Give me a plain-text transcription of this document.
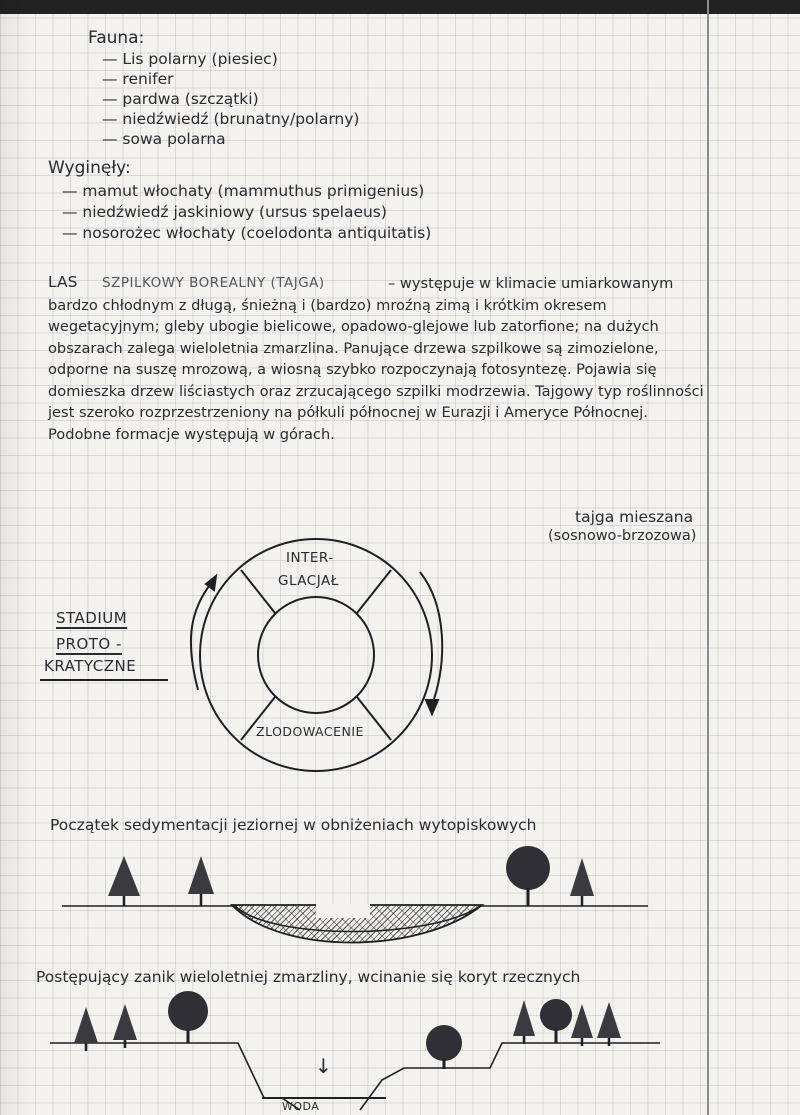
Fauna:
— Lis polarny (piesiec)
— renifer
— pardwa (szczątki)
— niedźwiedź (brunatny/polarny)
— sowa polarna
Wyginęły:
— mamut włochaty (mammuthus primigenius)
— niedźwiedź jaskiniowy (ursus spelaeus)
— nosorożec włochaty (coelodonta antiquitatis)
LAS SZPILKOWY BOREALNY (TAJGA)	– występuje w klimacie umiarkowanym bardzo chłodnym z długą, śnieżną i (bardzo) mroźną zimą i krótkim okresem wegetacyjnym; gleby ubogie bielicowe, opadowo-glejowe lub zatorfione; na dużych obszarach zalega wieloletnia zmarzlina. Panujące drzewa szpilkowe są zimozielone, odporne na suszę mrozową, a wiosną szybko rozpoczynają fotosyntezę. Pojawia się domieszka drzew liściastych oraz zrzucającego szpilki modrzewia. Tajgowy typ roślinności jest szeroko rozprzestrzeniony na półkuli północnej w Eurazji i Ameryce Północnej. Podobne formacje występują w górach.
tajga mieszana
(sosnowo-brzozowa)
STADIUM
PROTO -
KRATYCZNE
INTER-
GLACJAŁ
ZLODOWACENIE
Początek sedymentacji jeziornej w obniżeniach wytopiskowych
Postępujący zanik wieloletniej zmarzliny, wcinanie się koryt rzecznych
WODA
↓
